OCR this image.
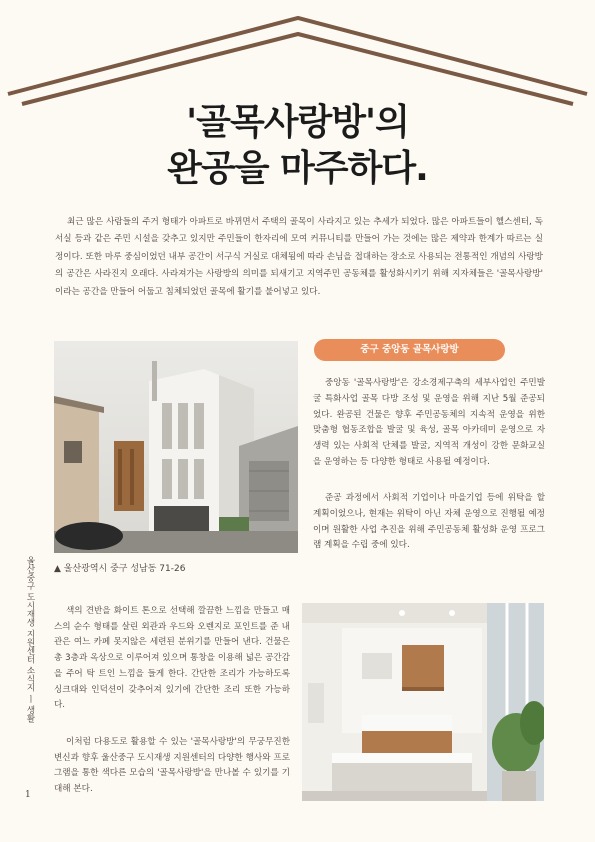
'골목사랑방'의
완공을 마주하다.

최근 많은 사람들의 주거 형태가 아파트로 바뀌면서 주택의 골목이 사라지고 있는 추세가 되었다. 많은 아파트들이 헬스센터, 독서실 등과 같은 주민 시설을 갖추고 있지만 주민들이 한자리에 모여 커뮤니티를 만들어 가는 것에는 많은 제약과 한계가 따르는 실정이다. 또한 마루 중심이었던 내부 공간이 서구식 거실로 대체됨에 따라 손님을 접대하는 장소로 사용되는 전통적인 개념의 사랑방의 공간은 사라진지 오래다. 사라져가는 사랑방의 의미를 되새기고 지역주민 공동체를 활성화시키기 위해 지자체들은 '골목사랑방' 이라는 공간을 만들어 어둡고 침체되었던 골목에 활기를 불어넣고 있다.

▲ 울산광역시 중구 성남동 71-26
중구 중앙동 골목사랑방

중앙동 '골목사랑방'은 강소경제구축의 세부사업인 주민발굴 특화사업 골목 다방 조성 및 운영을 위해 지난 5월 준공되었다. 완공된 건물은 향후 주민공동체의 지속적 운영을 위한 맞춤형 협동조합을 발굴 및 육성, 골목 아카데미 운영으로 자생력 있는 사회적 단체를 발굴, 지역적 개성이 강한 문화교실을 운영하는 등 다양한 형태로 사용될 예정이다.

준공 과정에서 사회적 기업이나 마을기업 등에 위탁을 할 계획이었으나, 현재는 위탁이 아닌 자체 운영으로 진행될 예정이며 원활한 사업 추진을 위해 주민공동체 활성화 운영 프로그램 계획을 수립 중에 있다.

색의 견반을 화이트 톤으로 선택해 깔끔한 느낌을 만들고 매스의 순수 형태를 살린 외관과 우드와 오렌지로 포인트를 준 내관은 여느 카페 못지않은 세련된 분위기를 만들어 낸다. 건물은 총 3층과 옥상으로 이루어져 있으며 통창을 이용해 넓은 공간감을 주어 탁 트인 느낌을 들게 한다. 간단한 조리가 가능하도록 싱크대와 인덕션이 갖추어져 있기에 간단한 조리 또한 가능하다.

이처럼 다용도로 활용할 수 있는 '골목사랑방'의 무궁무진한 변신과 향후 울산중구 도시재생 지원센터의 다양한 행사와 프로그램을 통한 색다른 모습의 '골목사랑방'을 만나볼 수 있기를 기대해 본다.

울산중구 도시재생 지원센터 소식지 ㅣ 생활
1
